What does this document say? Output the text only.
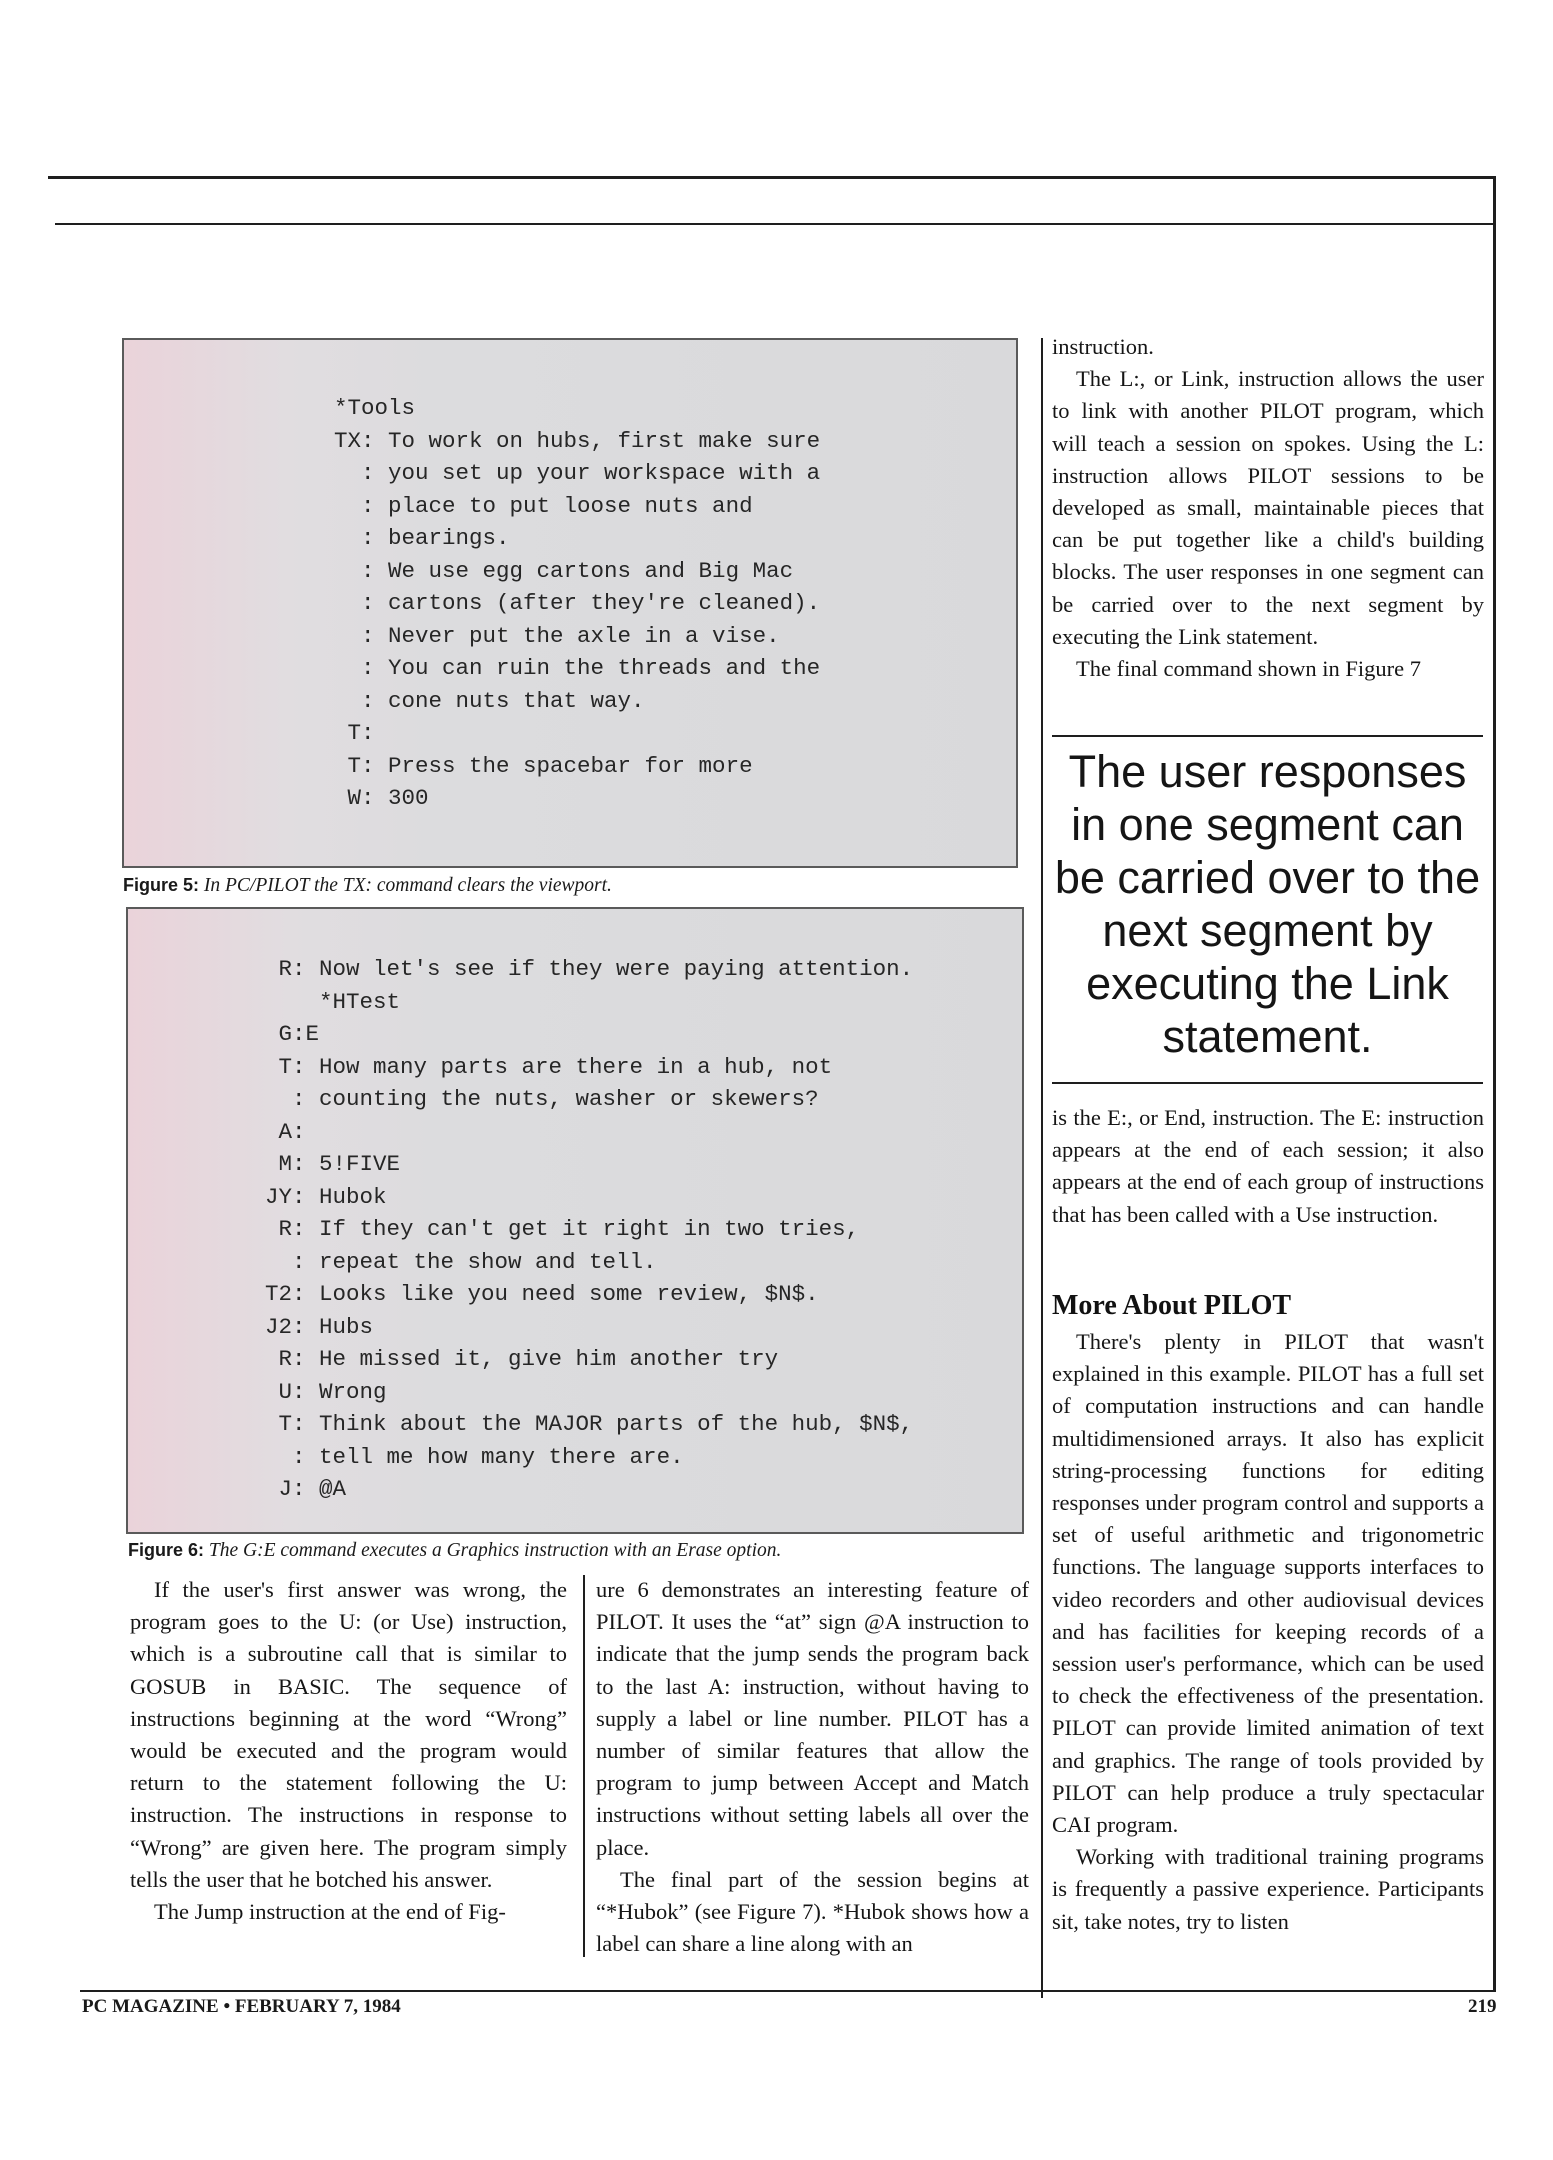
*Tools
TX: To work on hubs, first make sure
: you set up your workspace with a
: place to put loose nuts and
: bearings.
: We use egg cartons and Big Mac
: cartons (after they're cleaned).
: Never put the axle in a vise.
: You can ruin the threads and the
: cone nuts that way.
T:
T: Press the spacebar for more
W: 300
Figure 5: In PC/PILOT the TX: command clears the viewport.
R: Now let's see if they were paying attention.
*HTest
G:E
T: How many parts are there in a hub, not
: counting the nuts, washer or skewers?
A:
M: 5!FIVE
JY: Hubok
R: If they can't get it right in two tries,
: repeat the show and tell.
T2: Looks like you need some review, $N$.
J2: Hubs
R: He missed it, give him another try
U: Wrong
T: Think about the MAJOR parts of the hub, $N$,
: tell me how many there are.
J: @A
Figure 6: The G:E command executes a Graphics instruction with an Erase option.

If the user's first answer was wrong, the program goes to the U: (or Use) instruction, which is a subroutine call that is similar to GOSUB in BASIC. The sequence of instructions beginning at the word “Wrong” would be executed and the program would return to the statement following the U: instruction. The instructions in response to “Wrong” are given here. The program simply tells the user that he botched his answer.

The Jump instruction at the end of Fig-

ure 6 demonstrates an interesting feature of PILOT. It uses the “at” sign @A instruction to indicate that the jump sends the program back to the last A: instruction, without having to supply a label or line number. PILOT has a number of similar features that allow the program to jump between Accept and Match instructions without setting labels all over the place.

The final part of the session begins at “*Hubok” (see Figure 7). *Hubok shows how a label can share a line along with an

instruction.

The L:, or Link, instruction allows the user to link with another PILOT program, which will teach a session on spokes. Using the L: instruction allows PILOT sessions to be developed as small, maintainable pieces that can be put together like a child's building blocks. The user responses in one segment can be carried over to the next segment by executing the Link statement.

The final command shown in Figure 7

The user responses in one segment can be carried over to the next segment by executing the Link statement.

is the E:, or End, instruction. The E: instruction appears at the end of each session; it also appears at the end of each group of instructions that has been called with a Use instruction.

More About PILOT

There's plenty in PILOT that wasn't explained in this example. PILOT has a full set of computation instructions and can handle multidimensioned arrays. It also has explicit string-processing functions for editing responses under program control and supports a set of useful arithmetic and trigonometric functions. The language supports interfaces to video recorders and other audiovisual devices and has facilities for keeping records of a session user's performance, which can be used to check the effectiveness of the presentation. PILOT can provide limited animation of text and graphics. The range of tools provided by PILOT can help produce a truly spectacular CAI program.

Working with traditional training programs is frequently a passive experience. Participants sit, take notes, try to listen

PC MAGAZINE • FEBRUARY 7, 1984	219
